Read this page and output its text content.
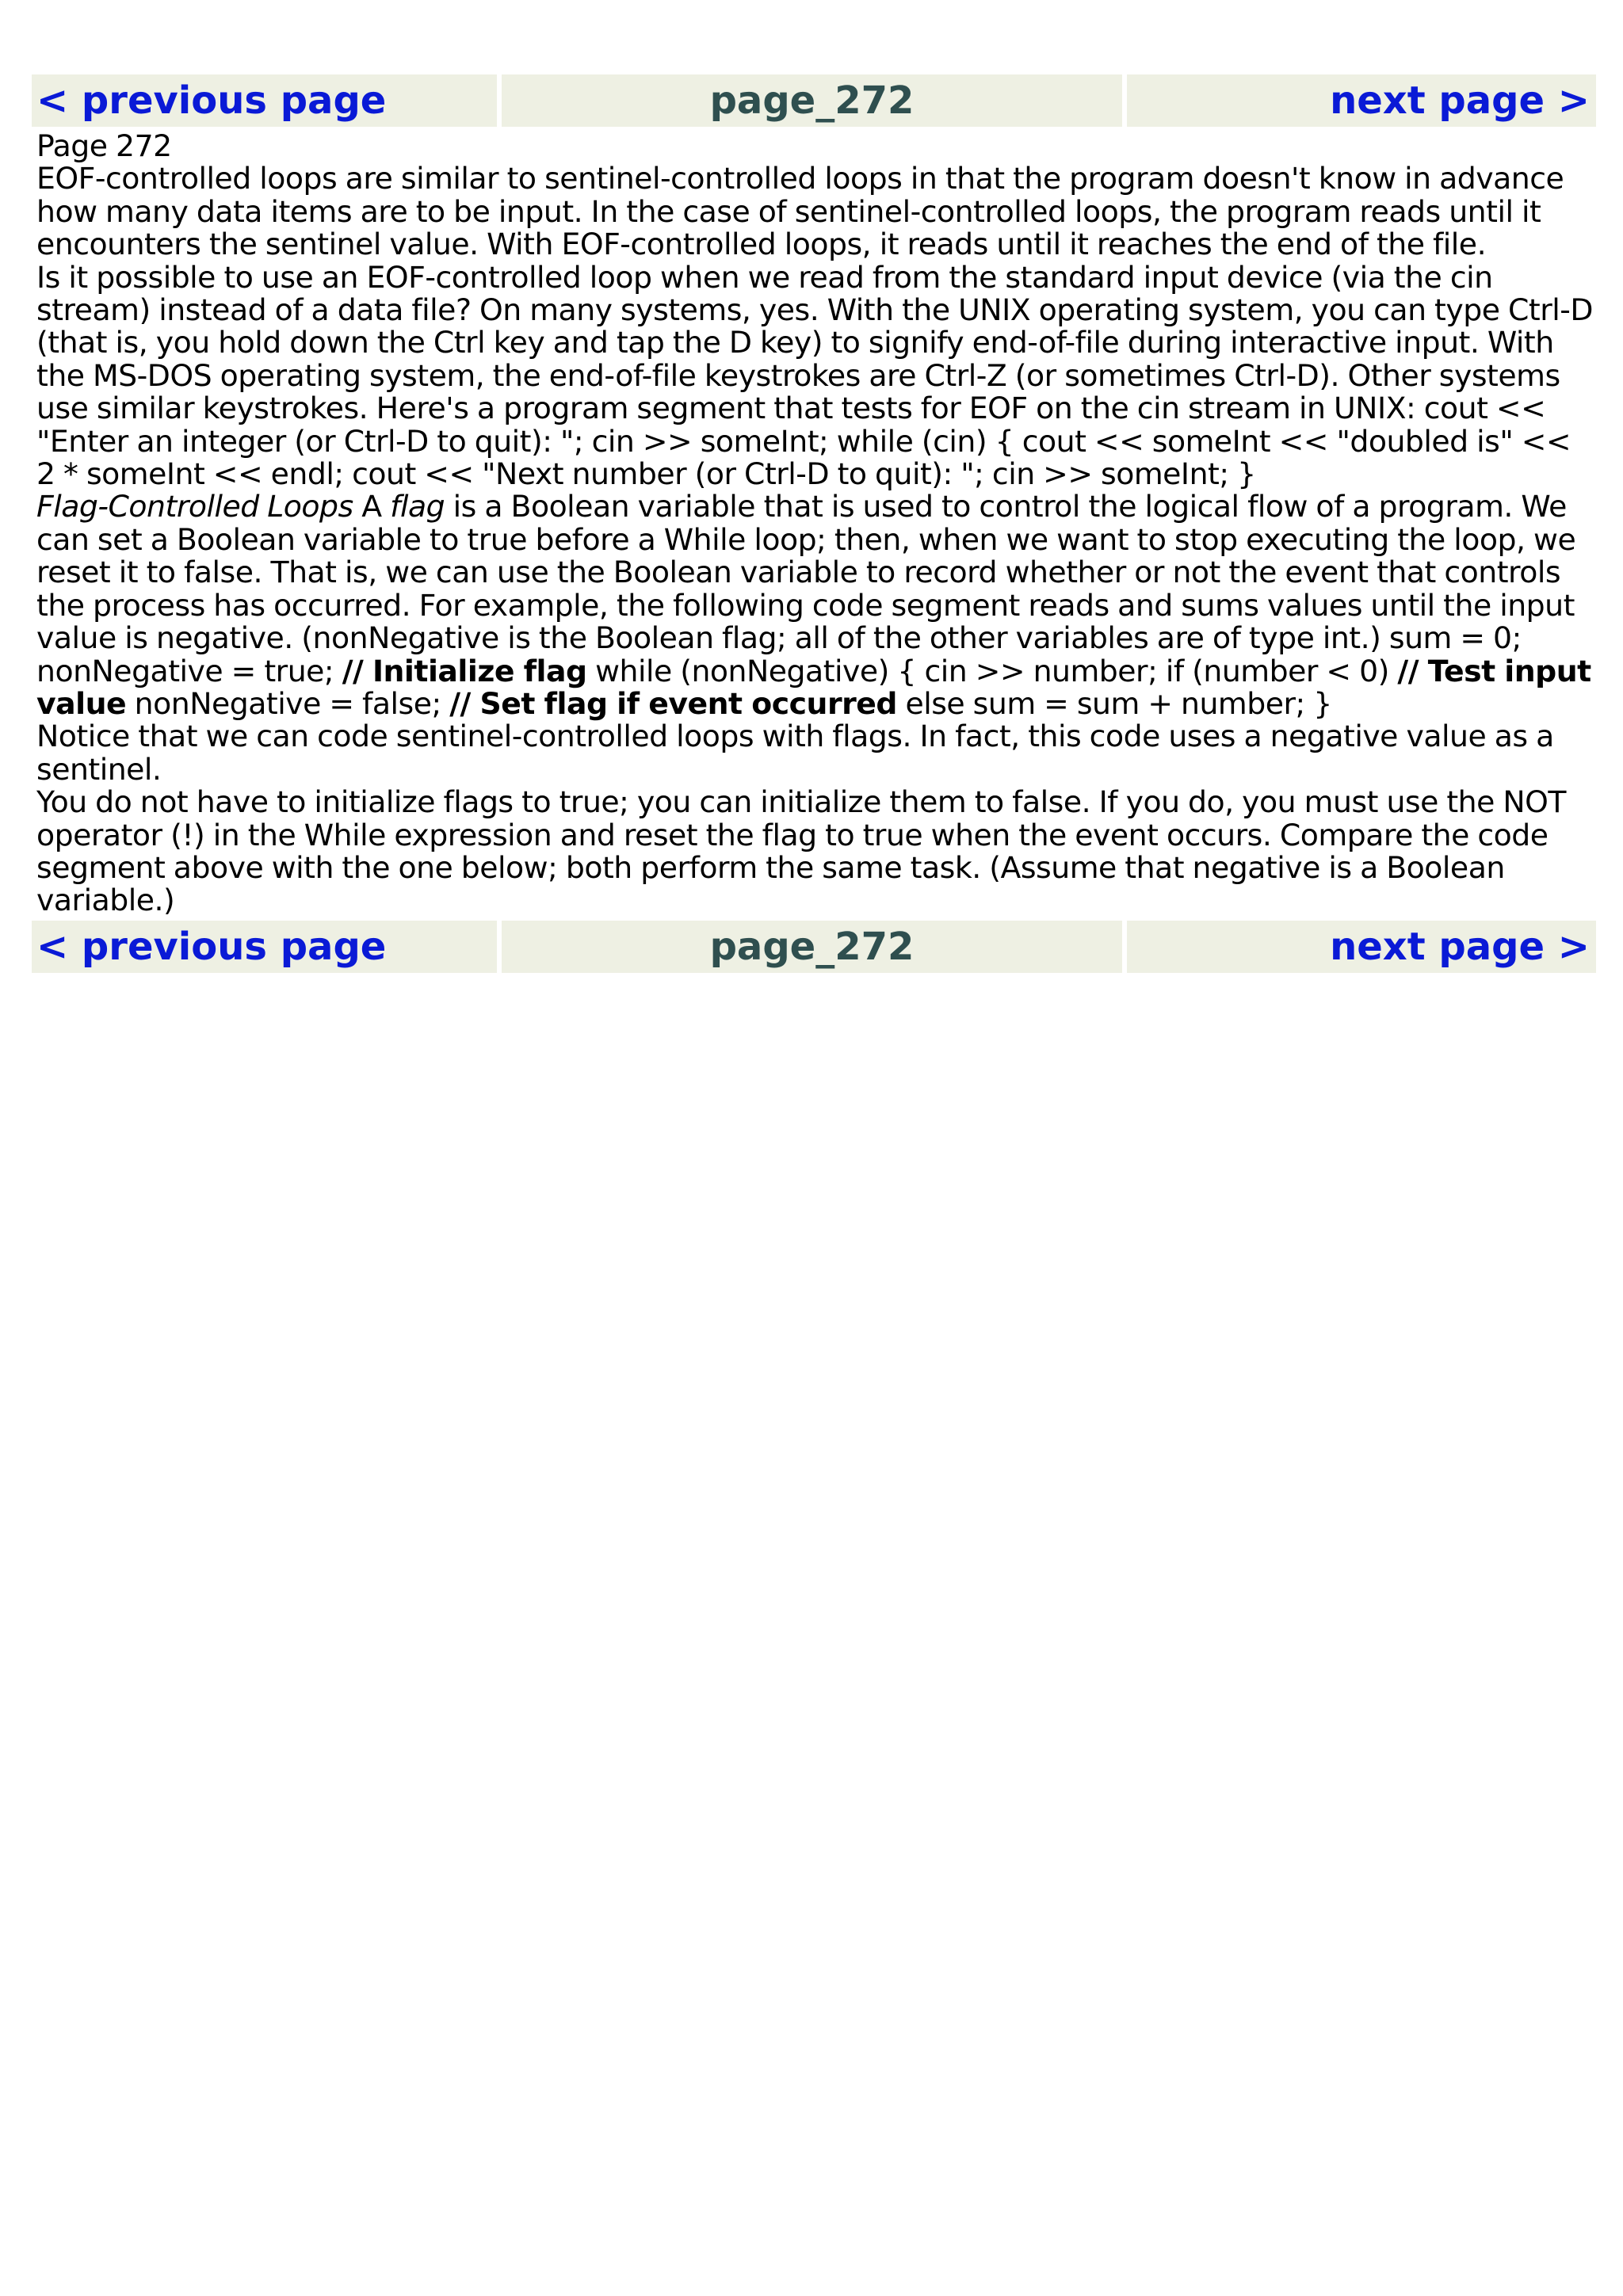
< previous page	page_272	next page >

Page 272

EOF-controlled loops are similar to sentinel-controlled loops in that the program doesn't know in advance how many data items are to be input. In the case of sentinel-controlled loops, the program reads until it encounters the sentinel value. With EOF-controlled loops, it reads until it reaches the end of the file.

Is it possible to use an EOF-controlled loop when we read from the standard input device (via the cin stream) instead of a data file? On many systems, yes. With the UNIX operating system, you can type Ctrl-D (that is, you hold down the Ctrl key and tap the D key) to signify end-of-file during interactive input. With the MS-DOS operating system, the end-of-file keystrokes are Ctrl-Z (or sometimes Ctrl-D). Other systems use similar keystrokes. Here's a program segment that tests for EOF on the cin stream in UNIX: cout << "Enter an integer (or Ctrl-D to quit): "; cin >> someInt; while (cin) { cout << someInt << "doubled is" << 2 * someInt << endl; cout << "Next number (or Ctrl-D to quit): "; cin >> someInt; }

Flag-Controlled Loops A flag is a Boolean variable that is used to control the logical flow of a program. We can set a Boolean variable to true before a While loop; then, when we want to stop executing the loop, we reset it to false. That is, we can use the Boolean variable to record whether or not the event that controls the process has occurred. For example, the following code segment reads and sums values until the input value is negative. (nonNegative is the Boolean flag; all of the other variables are of type int.) sum = 0; nonNegative = true; // Initialize flag while (nonNegative) { cin >> number; if (number < 0) // Test input value nonNegative = false; // Set flag if event occurred else sum = sum + number; }

Notice that we can code sentinel-controlled loops with flags. In fact, this code uses a negative value as a sentinel.

You do not have to initialize flags to true; you can initialize them to false. If you do, you must use the NOT operator (!) in the While expression and reset the flag to true when the event occurs. Compare the code segment above with the one below; both perform the same task. (Assume that negative is a Boolean variable.)

< previous page	page_272	next page >
